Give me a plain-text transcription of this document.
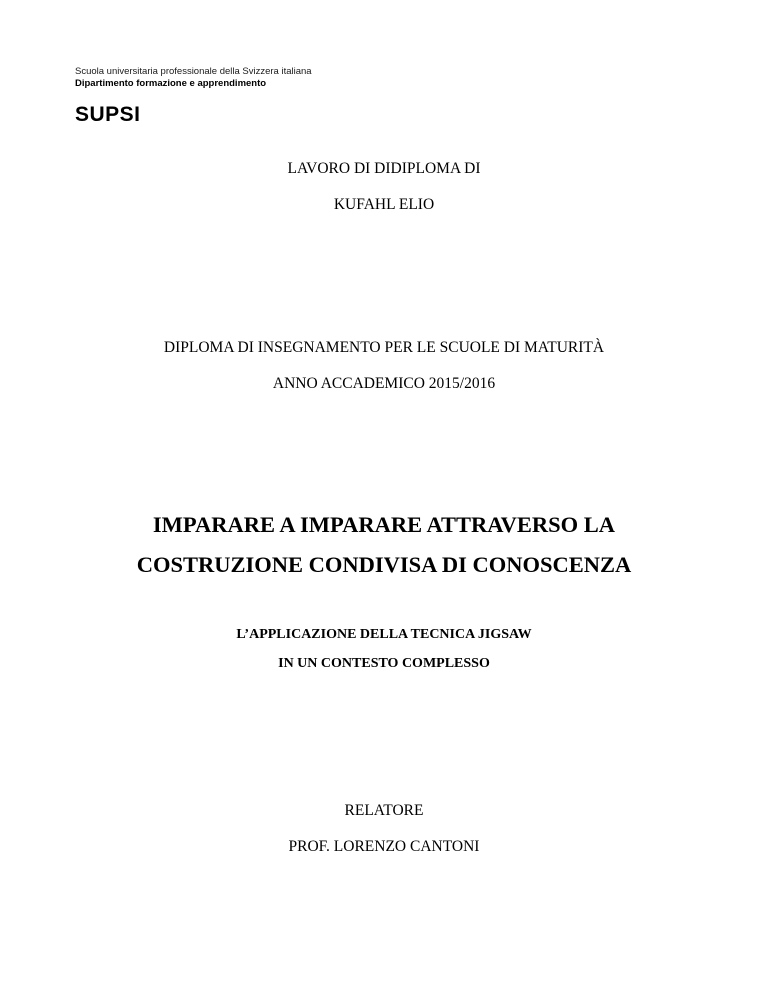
Scuola universitaria professionale della Svizzera italiana
Dipartimento formazione e apprendimento
SUPSI
LAVORO DI DIDIPLOMA DI
KUFAHL ELIO
DIPLOMA DI INSEGNAMENTO PER LE SCUOLE DI MATURITÀ
ANNO ACCADEMICO 2015/2016
IMPARARE A IMPARARE ATTRAVERSO LA
COSTRUZIONE CONDIVISA DI CONOSCENZA
L’APPLICAZIONE DELLA TECNICA JIGSAW
IN UN CONTESTO COMPLESSO
RELATORE
PROF. LORENZO CANTONI
